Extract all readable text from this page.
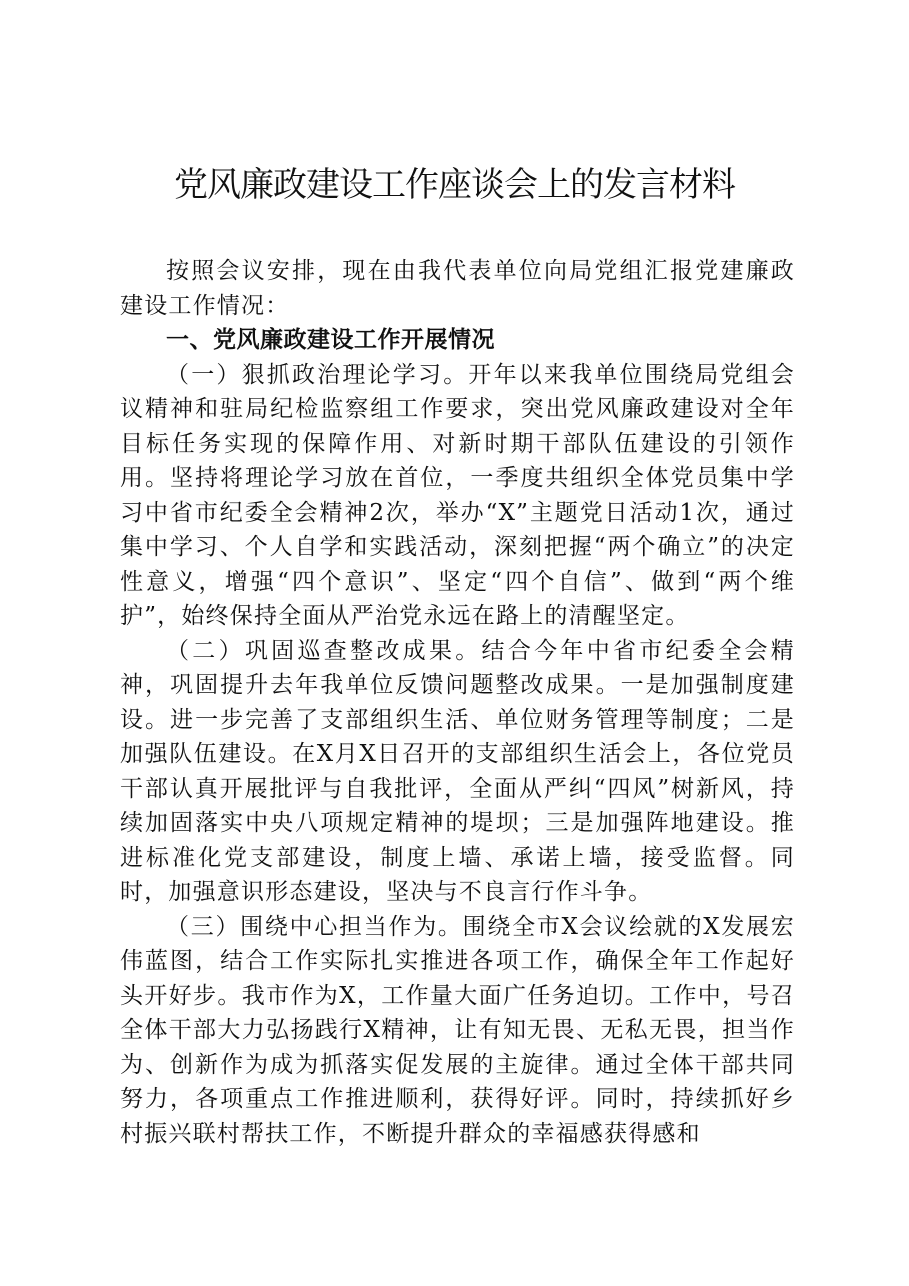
党风廉政建设工作座谈会上的发言材料

按照会议安排，现在由我代表单位向局党组汇报党建廉政建设工作情况：

一、党风廉政建设工作开展情况

（一）狠抓政治理论学习。开年以来我单位围绕局党组会议精神和驻局纪检监察组工作要求，突出党风廉政建设对全年目标任务实现的保障作用、对新时期干部队伍建设的引领作用。坚持将理论学习放在首位，一季度共组织全体党员集中学习中省市纪委全会精神2次，举办“X”主题党日活动1次，通过集中学习、个人自学和实践活动，深刻把握“两个确立”的决定性意义，增强“四个意识”、坚定“四个自信”、做到“两个维护”，始终保持全面从严治党永远在路上的清醒坚定。

（二）巩固巡查整改成果。结合今年中省市纪委全会精神，巩固提升去年我单位反馈问题整改成果。一是加强制度建设。进一步完善了支部组织生活、单位财务管理等制度；二是加强队伍建设。在X月X日召开的支部组织生活会上，各位党员干部认真开展批评与自我批评，全面从严纠“四风”树新风，持续加固落实中央八项规定精神的堤坝；三是加强阵地建设。推进标准化党支部建设，制度上墙、承诺上墙，接受监督。同时，加强意识形态建设，坚决与不良言行作斗争。

（三）围绕中心担当作为。围绕全市X会议绘就的X发展宏伟蓝图，结合工作实际扎实推进各项工作，确保全年工作起好头开好步。我市作为X，工作量大面广任务迫切。工作中，号召全体干部大力弘扬践行X精神，让有知无畏、无私无畏，担当作为、创新作为成为抓落实促发展的主旋律。通过全体干部共同努力，各项重点工作推进顺利，获得好评。同时，持续抓好乡村振兴联村帮扶工作，不断提升群众的幸福感获得感和
